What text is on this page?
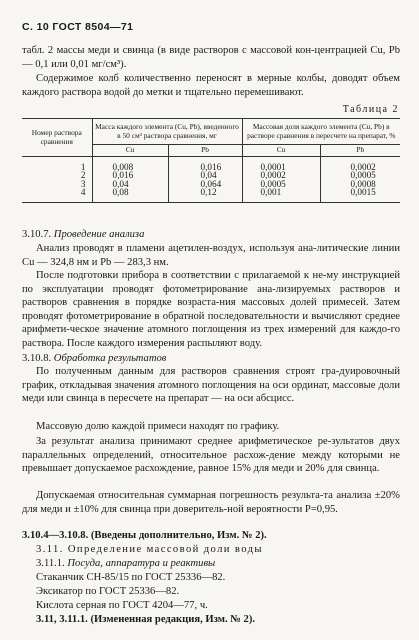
С. 10 ГОСТ 8504—71
табл. 2 массы меди и свинца (в виде растворов с массовой кон-центрацией Cu, Pb — 0,1 или 0,01 мг/см³).
Содержимое колб количественно переносят в мерные колбы, доводят объем каждого раствора водой до метки и тщательно перемешивают.
Таблица 2
Номер раствора сравнения	Масса каждого элемента (Cu, Pb), введенного в 50 см³ раствора сравнения, мг		Массовая доля каждого элемента (Cu, Pb) в растворе сравнения в пересчете на препарат, %	
	Cu	Pb	Cu	Pb
1	0,008	0,016	0,0001	0,0002
2	0,016	0,04	0,0002	0,0005
3	0,04	0,064	0,0005	0,0008
4	0,08	0,12	0,001	0,0015
3.10.7. Проведение анализа
Анализ проводят в пламени ацетилен-воздух, используя ана-литические линии Cu — 324,8 нм и Pb — 283,3 нм.
После подготовки прибора в соответствии с прилагаемой к не-му инструкцией по эксплуатации проводят фотометрирование ана-лизируемых растворов и растворов сравнения в порядке возраста-ния массовых долей примесей. Затем проводят фотометрирование в обратной последовательности и вычисляют среднее арифмети-ческое значение атомного поглощения из трех измерений для каждо-го раствора. После каждого измерения распыляют воду.
3.10.8. Обработка результатов
По полученным данным для растворов сравнения строят гра-дуировочный график, откладывая значения атомного поглощения на оси ординат, массовые доли меди или свинца в пересчете на препарат — на оси абсцисс.
Массовую долю каждой примеси находят по графику.
За результат анализа принимают среднее арифметическое ре-зультатов двух параллельных определений, относительное расхож-дение между которыми не превышает допускаемое расхождение, равное 15% для меди и 20% для свинца.
Допускаемая относительная суммарная погрешность результа-та анализа ±20% для меди и ±10% для свинца при доверитель-ной вероятности P=0,95.
3.10.4—3.10.8. (Введены дополнительно, Изм. № 2).
3.11. Определение массовой доли воды
3.11.1. Посуда, аппаратура и реактивы
Стаканчик СН-85/15 по ГОСТ 25336—82.
Эксикатор по ГОСТ 25336—82.
Кислота серная по ГОСТ 4204—77, ч.
3.11, 3.11.1. (Измененная редакция, Изм. № 2).
